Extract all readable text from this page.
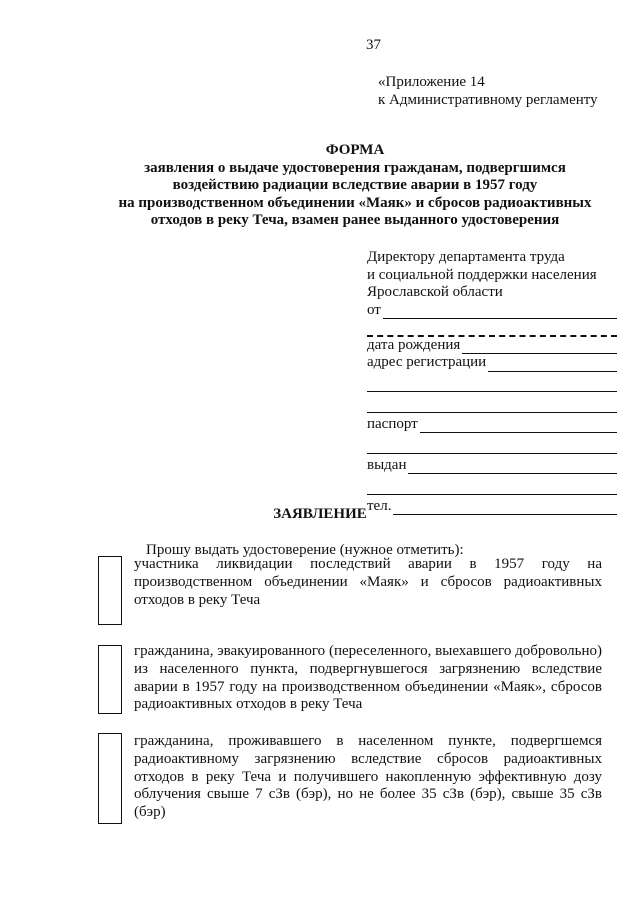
37
«Приложение 14
к Административному регламенту
ФОРМА
заявления о выдаче удостоверения гражданам, подвергшимся
воздействию радиации вследствие аварии в 1957 году
на производственном объединении «Маяк» и сбросов радиоактивных
отходов в реку Теча, взамен ранее выданного удостоверения
Директору департамента труда
и социальной поддержки населения
Ярославской области
от
дата рождения
адрес регистрации
паспорт
выдан
тел.
ЗАЯВЛЕНИЕ
Прошу выдать удостоверение (нужное отметить):
участника ликвидации последствий аварии в 1957 году на производственном объединении «Маяк» и сбросов радиоактивных отходов в реку Теча
гражданина, эвакуированного (переселенного, выехавшего добровольно) из населенного пункта, подвергнувшегося загрязнению вследствие аварии в 1957 году на производственном объединении «Маяк», сбросов радиоактивных отходов в реку Теча
гражданина, проживавшего в населенном пункте, подвергшемся радиоактивному загрязнению вследствие сбросов радиоактивных отходов в реку Теча и получившего накопленную эффективную дозу облучения свыше 7 сЗв (бэр), но не более 35 сЗв (бэр), свыше 35 сЗв (бэр)
